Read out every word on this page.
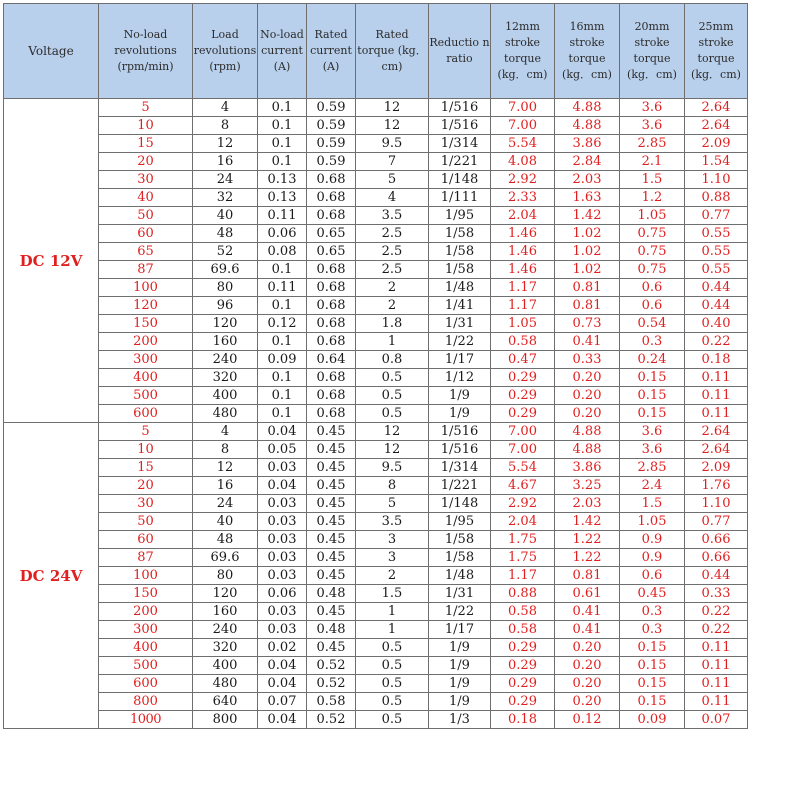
Voltage	No-load revolutions (rpm/min)	Load revolutions (rpm)	No-load current (A)	Rated current (A)	Rated torque (kg．cm)	Reductio n ratio	12mm stroke torque (kg．cm)	16mm stroke torque (kg．cm)	20mm stroke torque (kg．cm)	25mm stroke torque (kg．cm)
DC 12V	5	4	0.1	0.59	12	1/516	7.00	4.88	3.6	2.64
	10	8	0.1	0.59	12	1/516	7.00	4.88	3.6	2.64
	15	12	0.1	0.59	9.5	1/314	5.54	3.86	2.85	2.09
	20	16	0.1	0.59	7	1/221	4.08	2.84	2.1	1.54
	30	24	0.13	0.68	5	1/148	2.92	2.03	1.5	1.10
	40	32	0.13	0.68	4	1/111	2.33	1.63	1.2	0.88
	50	40	0.11	0.68	3.5	1/95	2.04	1.42	1.05	0.77
	60	48	0.06	0.65	2.5	1/58	1.46	1.02	0.75	0.55
	65	52	0.08	0.65	2.5	1/58	1.46	1.02	0.75	0.55
	87	69.6	0.1	0.68	2.5	1/58	1.46	1.02	0.75	0.55
	100	80	0.11	0.68	2	1/48	1.17	0.81	0.6	0.44
	120	96	0.1	0.68	2	1/41	1.17	0.81	0.6	0.44
	150	120	0.12	0.68	1.8	1/31	1.05	0.73	0.54	0.40
	200	160	0.1	0.68	1	1/22	0.58	0.41	0.3	0.22
	300	240	0.09	0.64	0.8	1/17	0.47	0.33	0.24	0.18
	400	320	0.1	0.68	0.5	1/12	0.29	0.20	0.15	0.11
	500	400	0.1	0.68	0.5	1/9	0.29	0.20	0.15	0.11
	600	480	0.1	0.68	0.5	1/9	0.29	0.20	0.15	0.11
DC 24V	5	4	0.04	0.45	12	1/516	7.00	4.88	3.6	2.64
	10	8	0.05	0.45	12	1/516	7.00	4.88	3.6	2.64
	15	12	0.03	0.45	9.5	1/314	5.54	3.86	2.85	2.09
	20	16	0.04	0.45	8	1/221	4.67	3.25	2.4	1.76
	30	24	0.03	0.45	5	1/148	2.92	2.03	1.5	1.10
	50	40	0.03	0.45	3.5	1/95	2.04	1.42	1.05	0.77
	60	48	0.03	0.45	3	1/58	1.75	1.22	0.9	0.66
	87	69.6	0.03	0.45	3	1/58	1.75	1.22	0.9	0.66
	100	80	0.03	0.45	2	1/48	1.17	0.81	0.6	0.44
	150	120	0.06	0.48	1.5	1/31	0.88	0.61	0.45	0.33
	200	160	0.03	0.45	1	1/22	0.58	0.41	0.3	0.22
	300	240	0.03	0.48	1	1/17	0.58	0.41	0.3	0.22
	400	320	0.02	0.45	0.5	1/9	0.29	0.20	0.15	0.11
	500	400	0.04	0.52	0.5	1/9	0.29	0.20	0.15	0.11
	600	480	0.04	0.52	0.5	1/9	0.29	0.20	0.15	0.11
	800	640	0.07	0.58	0.5	1/9	0.29	0.20	0.15	0.11
	1000	800	0.04	0.52	0.5	1/3	0.18	0.12	0.09	0.07
